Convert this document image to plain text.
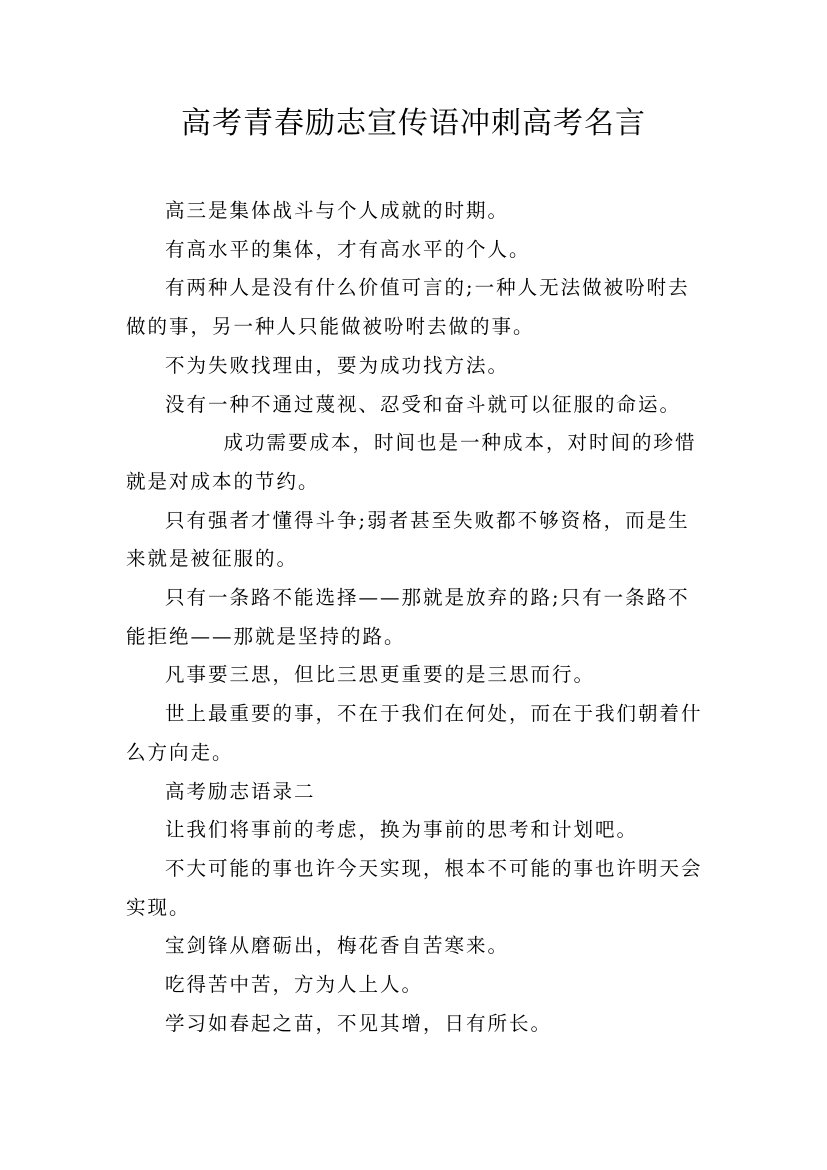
高考青春励志宣传语冲刺高考名言

高三是集体战斗与个人成就的时期。

有高水平的集体，才有高水平的个人。

有两种人是没有什么价值可言的;一种人无法做被吩咐去做的事，另一种人只能做被吩咐去做的事。

不为失败找理由，要为成功找方法。

没有一种不通过蔑视、忍受和奋斗就可以征服的命运。

成功需要成本，时间也是一种成本，对时间的珍惜就是对成本的节约。

只有强者才懂得斗争;弱者甚至失败都不够资格，而是生来就是被征服的。

只有一条路不能选择——那就是放弃的路;只有一条路不能拒绝——那就是坚持的路。

凡事要三思，但比三思更重要的是三思而行。

世上最重要的事，不在于我们在何处，而在于我们朝着什么方向走。

高考励志语录二

让我们将事前的考虑，换为事前的思考和计划吧。

不大可能的事也许今天实现，根本不可能的事也许明天会实现。

宝剑锋从磨砺出，梅花香自苦寒来。

吃得苦中苦，方为人上人。

学习如春起之苗，不见其增，日有所长。
